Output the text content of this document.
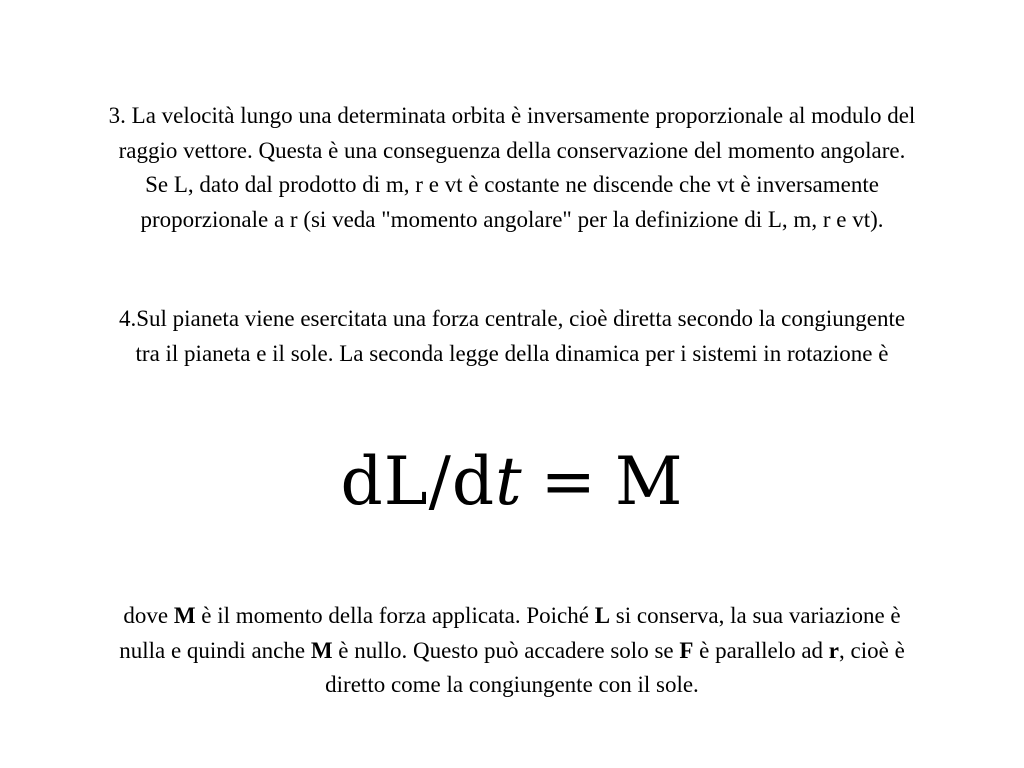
3. La velocità lungo una determinata orbita è inversamente proporzionale al modulo del
raggio vettore. Questa è una conseguenza della conservazione del momento angolare.
Se L, dato dal prodotto di m, r e vt è costante ne discende che vt è inversamente
proporzionale a r (si veda "momento angolare" per la definizione di L, m, r e vt).

4.Sul pianeta viene esercitata una forza centrale, cioè diretta secondo la congiungente
tra il pianeta e il sole. La seconda legge della dinamica per i sistemi in rotazione è

dL/dt = M

dove M è il momento della forza applicata. Poiché L si conserva, la sua variazione è
nulla e quindi anche M è nullo. Questo può accadere solo se F è parallelo ad r, cioè è
diretto come la congiungente con il sole.
